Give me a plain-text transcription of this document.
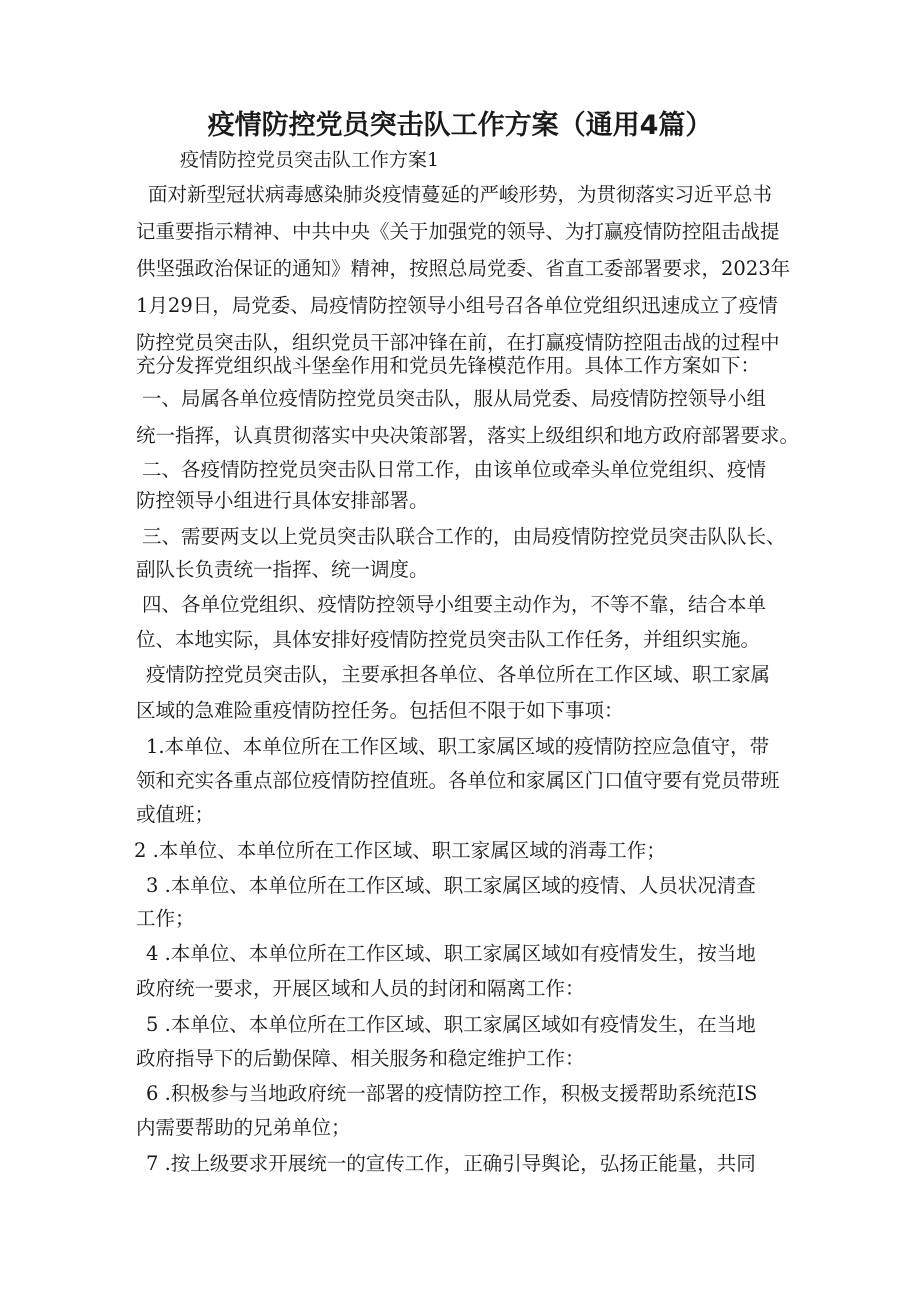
疫情防控党员突击队工作方案（通用4篇）
疫情防控党员突击队工作方案1
面对新型冠状病毒感染肺炎疫情蔓延的严峻形势，为贯彻落实习近平总书
记重要指示精神、中共中央《关于加强党的领导、为打赢疫情防控阻击战提
供坚强政治保证的通知》精神，按照总局党委、省直工委部署要求，2023年
1月29日，局党委、局疫情防控领导小组号召各单位党组织迅速成立了疫情
防控党员突击队，组织党员干部冲锋在前，在打赢疫情防控阻击战的过程中
充分发挥党组织战斗堡垒作用和党员先锋模范作用。具体工作方案如下：
一、局属各单位疫情防控党员突击队，服从局党委、局疫情防控领导小组
统一指挥，认真贯彻落实中央决策部署，落实上级组织和地方政府部署要求。
二、各疫情防控党员突击队日常工作，由该单位或牵头单位党组织、疫情
防控领导小组进行具体安排部署。
三、需要两支以上党员突击队联合工作的，由局疫情防控党员突击队队长、
副队长负责统一指挥、统一调度。
四、各单位党组织、疫情防控领导小组要主动作为，不等不靠，结合本单
位、本地实际，具体安排好疫情防控党员突击队工作任务，并组织实施。
疫情防控党员突击队，主要承担各单位、各单位所在工作区域、职工家属
区域的急难险重疫情防控任务。包括但不限于如下事项：
1.本单位、本单位所在工作区域、职工家属区域的疫情防控应急值守，带
领和充实各重点部位疫情防控值班。各单位和家属区门口值守要有党员带班
或值班；
2 .本单位、本单位所在工作区域、职工家属区域的消毒工作；
3 .本单位、本单位所在工作区域、职工家属区域的疫情、人员状况清查
工作；
4 .本单位、本单位所在工作区域、职工家属区域如有疫情发生，按当地
政府统一要求，开展区域和人员的封闭和隔离工作：
5 .本单位、本单位所在工作区域、职工家属区域如有疫情发生，在当地
政府指导下的后勤保障、相关服务和稳定维护工作：
6 .积极参与当地政府统一部署的疫情防控工作，积极支援帮助系统范IS
内需要帮助的兄弟单位；
7 .按上级要求开展统一的宣传工作，正确引导舆论，弘扬正能量，共同
